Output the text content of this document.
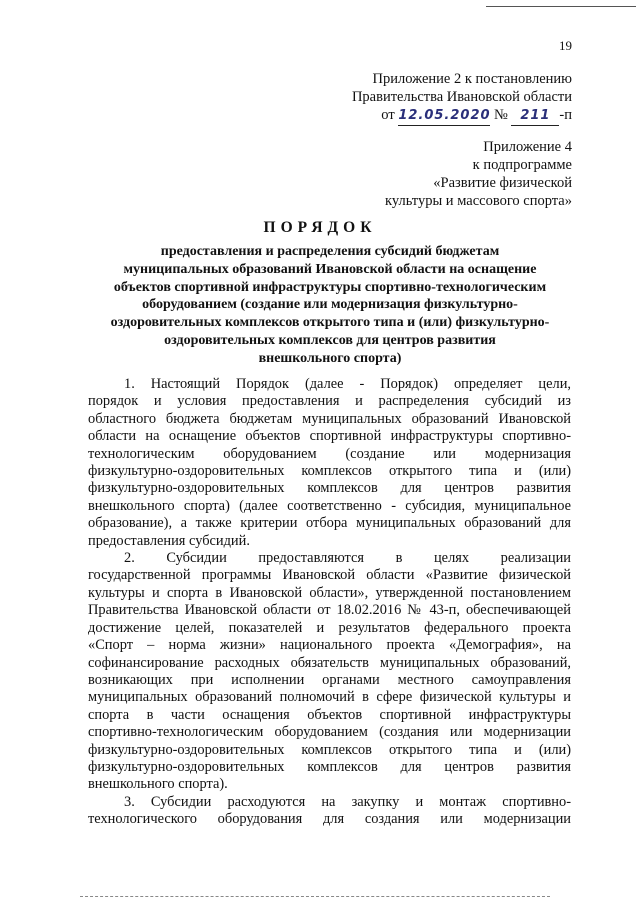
19
Приложение 2 к постановлению
Правительства Ивановской области
от 12.05.2020 № 211 -п
Приложение 4
к подпрограмме
«Развитие физической
культуры и массового спорта»
ПОРЯДОК
предоставления и распределения субсидий бюджетам
муниципальных образований Ивановской области на оснащение
объектов спортивной инфраструктуры спортивно-технологическим
оборудованием (создание или модернизация физкультурно-
оздоровительных комплексов открытого типа и (или) физкультурно-
оздоровительных комплексов для центров развития
внешкольного спорта)
1. Настоящий Порядок (далее - Порядок) определяет цели,
порядок и условия предоставления и распределения субсидий из
областного бюджета бюджетам муниципальных образований Ивановской
области на оснащение объектов спортивной инфраструктуры спортивно-
технологическим оборудованием (создание или модернизация
физкультурно-оздоровительных комплексов открытого типа и (или)
физкультурно-оздоровительных комплексов для центров развития
внешкольного спорта) (далее соответственно - субсидия, муниципальное
образование), а также критерии отбора муниципальных образований для
предоставления субсидий.
2. Субсидии предоставляются в целях реализации
государственной программы Ивановской области «Развитие физической
культуры и спорта в Ивановской области», утвержденной постановлением
Правительства Ивановской области от 18.02.2016 № 43-п, обеспечивающей
достижение целей, показателей и результатов федерального проекта
«Спорт – норма жизни» национального проекта «Демография», на
софинансирование расходных обязательств муниципальных образований,
возникающих при исполнении органами местного самоуправления
муниципальных образований полномочий в сфере физической культуры и
спорта в части оснащения объектов спортивной инфраструктуры
спортивно-технологическим оборудованием (создания или модернизации
физкультурно-оздоровительных комплексов открытого типа и (или)
физкультурно-оздоровительных комплексов для центров развития
внешкольного спорта).
3. Субсидии расходуются на закупку и монтаж спортивно-
технологического оборудования для создания или модернизации
